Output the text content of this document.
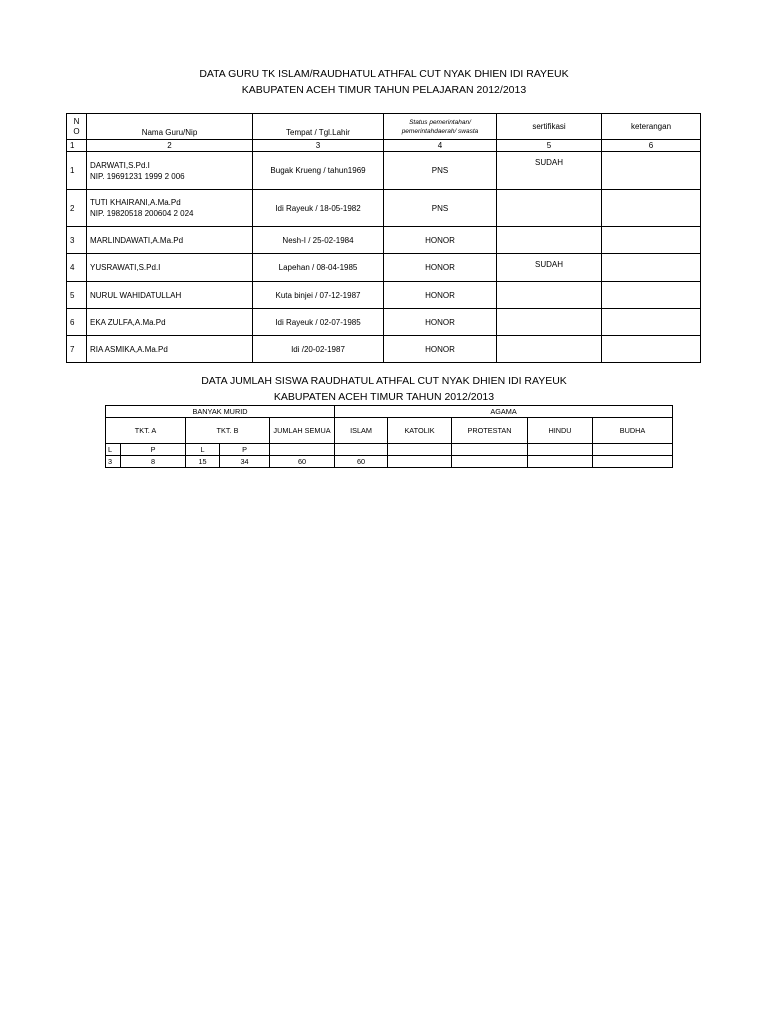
DATA GURU TK ISLAM/RAUDHATUL ATHFAL CUT NYAK DHIEN IDI RAYEUK
KABUPATEN ACEH TIMUR TAHUN PELAJARAN 2012/2013
N O	Nama Guru/Nip	Tempat / Tgl.Lahir	Status pemerintahan/ pemerintahdaerah/ swasta	sertifikasi	keterangan
1	2	3	4	5	6
1	DARWATI,S.Pd.I
NIP. 19691231 1999 2 006	Bugak Krueng / tahun1969	PNS	SUDAH	
2	TUTI KHAIRANI,A.Ma.Pd
NIP. 19820518 200604 2 024	Idi Rayeuk / 18-05-1982	PNS		
3	MARLINDAWATI,A.Ma.Pd	Nesh-I / 25-02-1984	HONOR		
4	YUSRAWATI,S.Pd.I	Lapehan / 08-04-1985	HONOR	SUDAH	
5	NURUL WAHIDATULLAH	Kuta binjei / 07-12-1987	HONOR		
6	EKA ZULFA,A.Ma.Pd	Idi Rayeuk / 02-07-1985	HONOR		
7	RIA ASMIKA,A.Ma.Pd	Idi /20-02-1987	HONOR		
DATA JUMLAH SISWA RAUDHATUL ATHFAL CUT NYAK DHIEN IDI RAYEUK
KABUPATEN ACEH TIMUR TAHUN 2012/2013
BANYAK MURID					AGAMA				
TKT. A		TKT. B		JUMLAH SEMUA	ISLAM	KATOLIK	PROTESTAN	HINDU	BUDHA
L	P	L	P						
3	8	15	34	60	60				
